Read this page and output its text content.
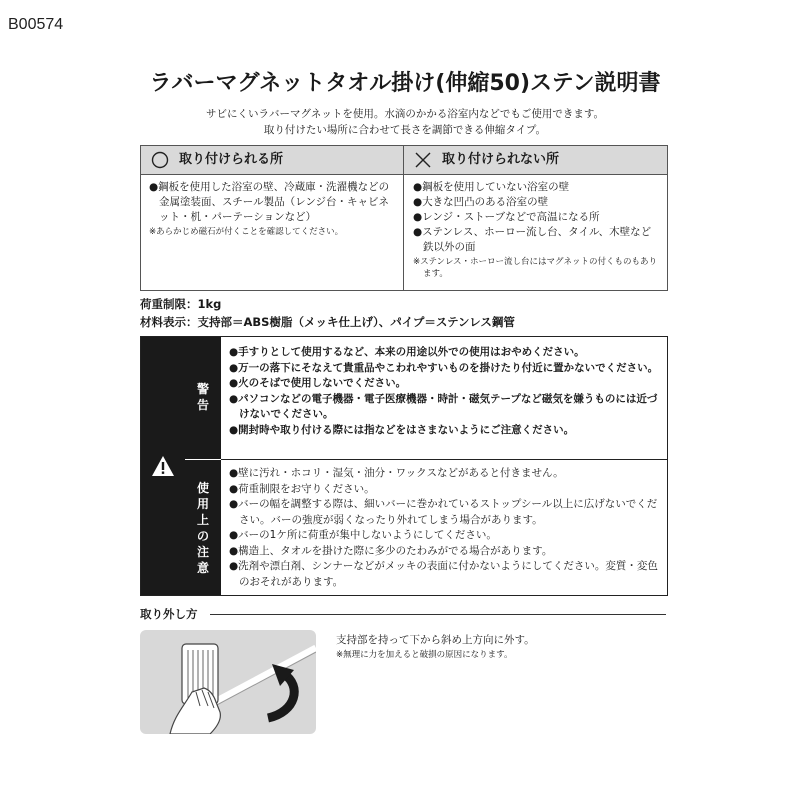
B00574
ラバーマグネットタオル掛け(伸縮50)ステン説明書
サビにくいラバーマグネットを使用。水滴のかかる浴室内などでもご使用できます。
取り付けたい場所に合わせて長さを調節できる伸縮タイプ。
取り付けられる所	取り付けられない所
●鋼板を使用した浴室の壁、冷蔵庫・洗濯機などの金属塗装面、スチール製品（レンジ台・キャビネット・机・パーテーションなど）
※あらかじめ磁石が付くことを確認してください。
●鋼板を使用していない浴室の壁
●大きな凹凸のある浴室の壁
●レンジ・ストーブなどで高温になる所
●ステンレス、ホーロー流し台、タイル、木壁など鉄以外の面
※ステンレス・ホーロー流し台にはマグネットの付くものもあります。
荷重制限：1kg
材料表示：支持部＝ABS樹脂（メッキ仕上げ）、パイプ＝ステンレス鋼管
警
告
使
用
上
の
注
意
●手すりとして使用するなど、本来の用途以外での使用はおやめください。
●万一の落下にそなえて貴重品やこわれやすいものを掛けたり付近に置かないでください。
●火のそばで使用しないでください。
●パソコンなどの電子機器・電子医療機器・時計・磁気テープなど磁気を嫌うものには近づけないでください。
●開封時や取り付ける際には指などをはさまないようにご注意ください。
●壁に汚れ・ホコリ・湿気・油分・ワックスなどがあると付きません。
●荷重制限をお守りください。
●バーの幅を調整する際は、細いバーに巻かれているストップシール以上に広げないでください。バーの強度が弱くなったり外れてしまう場合があります。
●バーの1ケ所に荷重が集中しないようにしてください。
●構造上、タオルを掛けた際に多少のたわみがでる場合があります。
●洗剤や漂白剤、シンナーなどがメッキの表面に付かないようにしてください。変質・変色のおそれがあります。
取り外し方
支持部を持って下から斜め上方向に外す。
※無理に力を加えると破損の原因になります。
